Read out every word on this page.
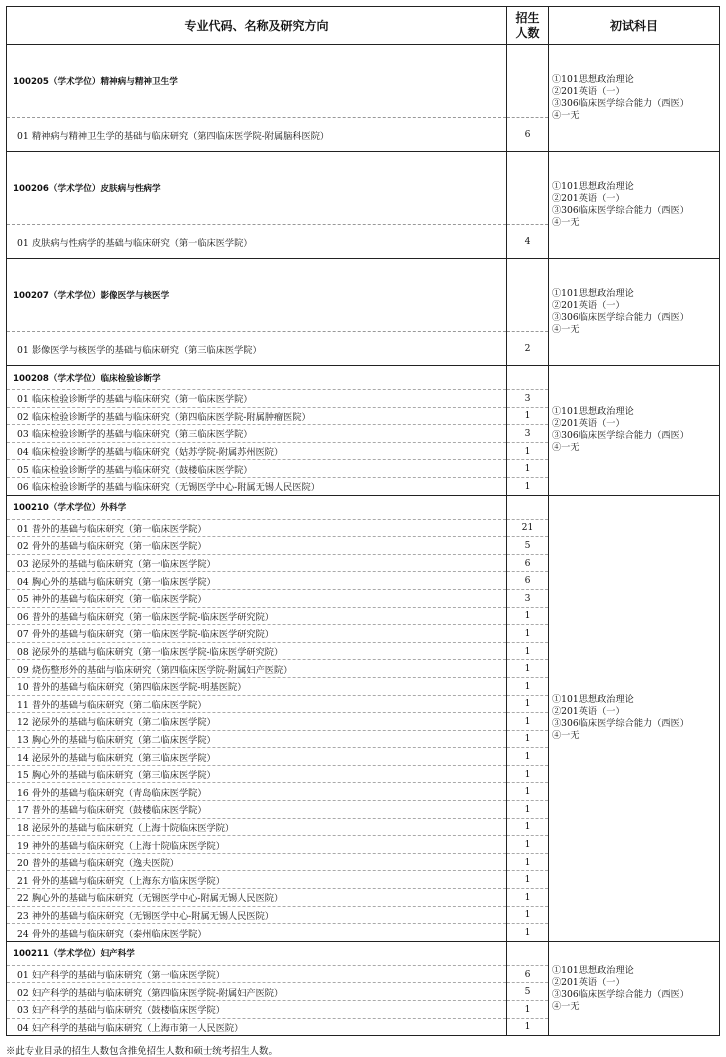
专业代码、名称及研究方向	招生
人数	初试科目
100205（学术学位）精神病与精神卫生学		①101思想政治理论
②201英语（一）
③306临床医学综合能力（西医）
④一无

01 精神病与精神卫生学的基础与临床研究（第四临床医学院-附属脑科医院）	6	
100206（学术学位）皮肤病与性病学		①101思想政治理论
②201英语（一）
③306临床医学综合能力（西医）
④一无

01 皮肤病与性病学的基础与临床研究（第一临床医学院）	4	
100207（学术学位）影像医学与核医学		①101思想政治理论
②201英语（一）
③306临床医学综合能力（西医）
④一无

01 影像医学与核医学的基础与临床研究（第三临床医学院）	2	
100208（学术学位）临床检验诊断学		①101思想政治理论
②201英语（一）
③306临床医学综合能力（西医）
④一无

01 临床检验诊断学的基础与临床研究（第一临床医学院）	3	
02 临床检验诊断学的基础与临床研究（第四临床医学院-附属肿瘤医院）	1	
03 临床检验诊断学的基础与临床研究（第三临床医学院）	3	
04 临床检验诊断学的基础与临床研究（姑苏学院-附属苏州医院）	1	
05 临床检验诊断学的基础与临床研究（鼓楼临床医学院）	1	
06 临床检验诊断学的基础与临床研究（无锡医学中心-附属无锡人民医院）	1	
100210（学术学位）外科学		①101思想政治理论
②201英语（一）
③306临床医学综合能力（西医）
④一无

01 普外的基础与临床研究（第一临床医学院）	21	
02 骨外的基础与临床研究（第一临床医学院）	5	
03 泌尿外的基础与临床研究（第一临床医学院）	6	
04 胸心外的基础与临床研究（第一临床医学院）	6	
05 神外的基础与临床研究（第一临床医学院）	3	
06 普外的基础与临床研究（第一临床医学院-临床医学研究院）	1	
07 骨外的基础与临床研究（第一临床医学院-临床医学研究院）	1	
08 泌尿外的基础与临床研究（第一临床医学院-临床医学研究院）	1	
09 烧伤整形外的基础与临床研究（第四临床医学院-附属妇产医院）	1	
10 普外的基础与临床研究（第四临床医学院-明基医院）	1	
11 普外的基础与临床研究（第二临床医学院）	1	
12 泌尿外的基础与临床研究（第二临床医学院）	1	
13 胸心外的基础与临床研究（第二临床医学院）	1	
14 泌尿外的基础与临床研究（第三临床医学院）	1	
15 胸心外的基础与临床研究（第三临床医学院）	1	
16 骨外的基础与临床研究（青岛临床医学院）	1	
17 普外的基础与临床研究（鼓楼临床医学院）	1	
18 泌尿外的基础与临床研究（上海十院临床医学院）	1	
19 神外的基础与临床研究（上海十院临床医学院）	1	
20 普外的基础与临床研究（逸夫医院）	1	
21 骨外的基础与临床研究（上海东方临床医学院）	1	
22 胸心外的基础与临床研究（无锡医学中心-附属无锡人民医院）	1	
23 神外的基础与临床研究（无锡医学中心-附属无锡人民医院）	1	
24 骨外的基础与临床研究（泰州临床医学院）	1	
100211（学术学位）妇产科学		①101思想政治理论
②201英语（一）
③306临床医学综合能力（西医）
④一无

01 妇产科学的基础与临床研究（第一临床医学院）	6	
02 妇产科学的基础与临床研究（第四临床医学院-附属妇产医院）	5	
03 妇产科学的基础与临床研究（鼓楼临床医学院）	1	
04 妇产科学的基础与临床研究（上海市第一人民医院）	1	
※此专业目录的招生人数包含推免招生人数和硕士统考招生人数。
